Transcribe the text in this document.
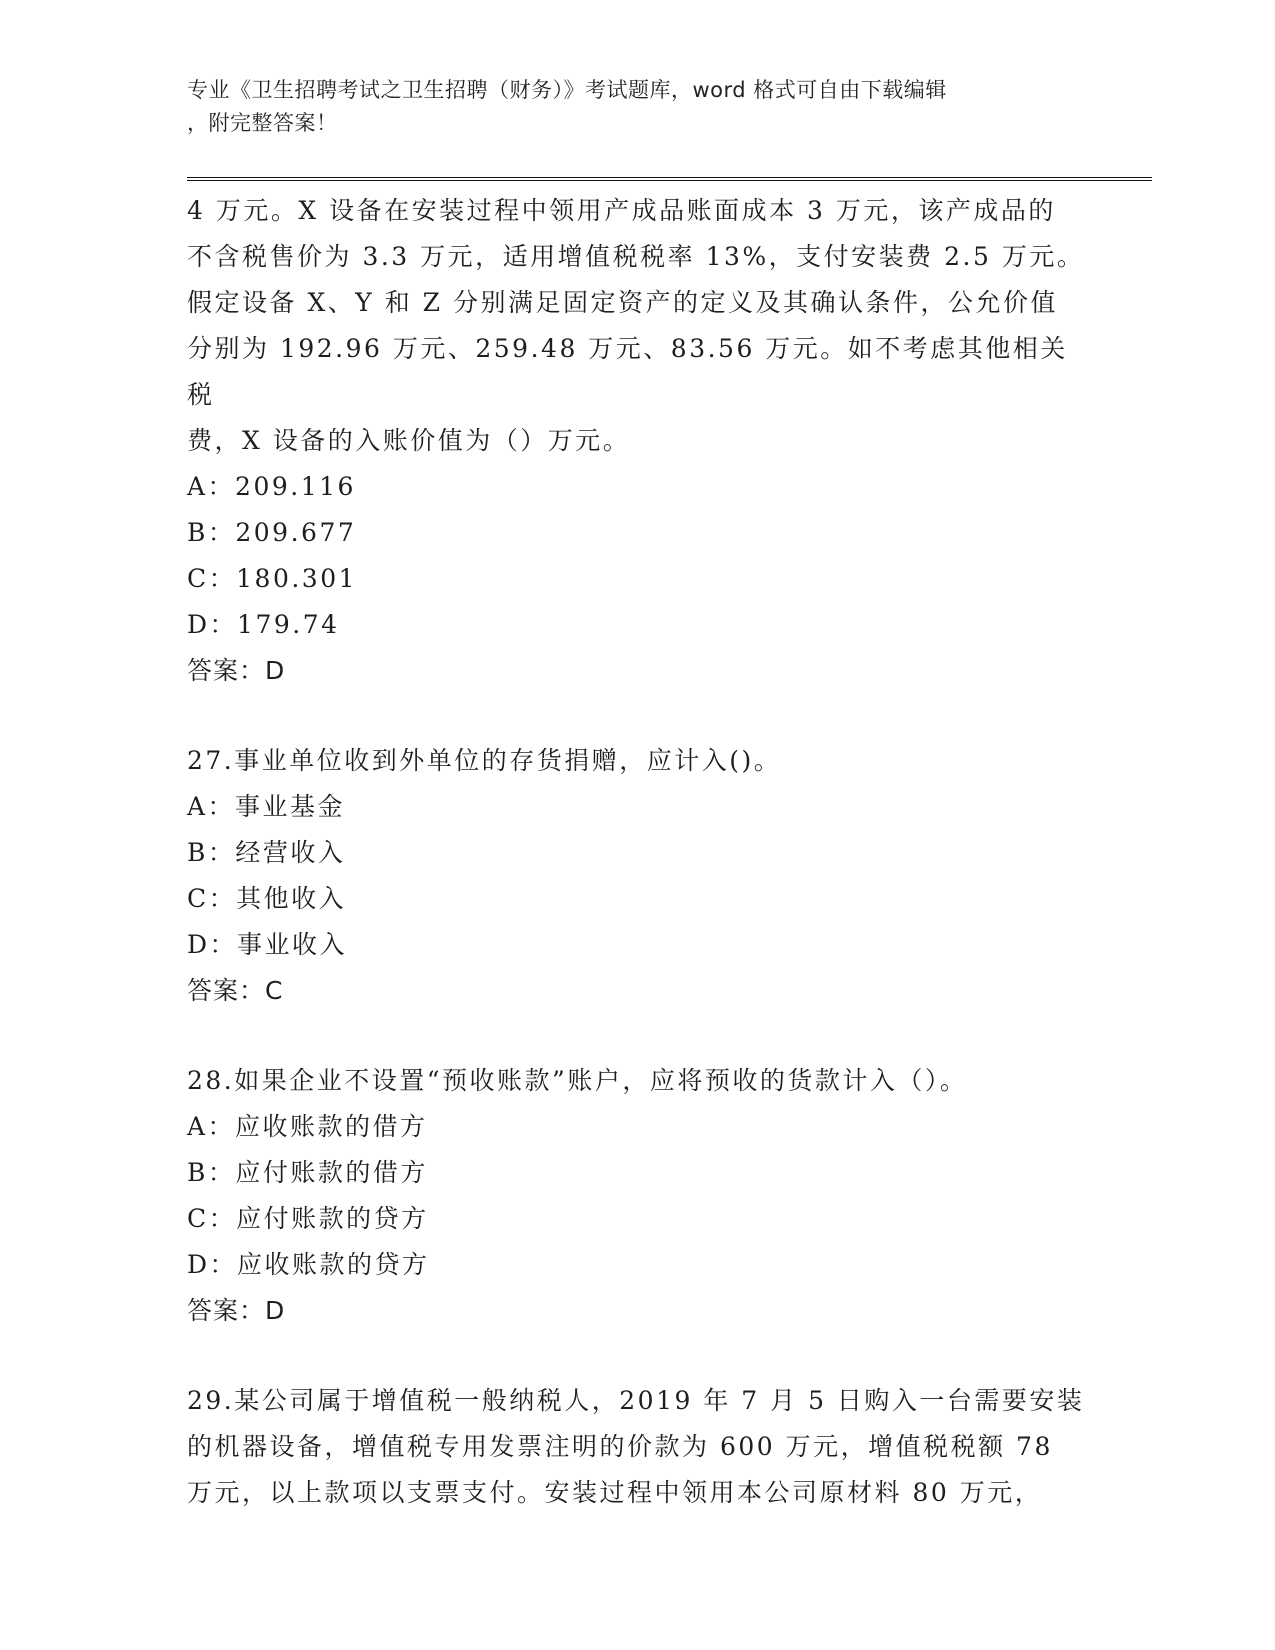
专业《卫生招聘考试之卫生招聘（财务）》考试题库，word 格式可自由下载编辑
，附完整答案！

4 万元。X 设备在安装过程中领用产成品账面成本 3 万元，该产成品的

不含税售价为 3.3 万元，适用增值税税率 13%，支付安装费 2.5 万元。

假定设备 X、Y 和 Z 分别满足固定资产的定义及其确认条件，公允价值

分别为 192.96 万元、259.48 万元、83.56 万元。如不考虑其他相关税

费，X 设备的入账价值为（）万元。

A：209.116

B：209.677

C：180.301

D：179.74

答案：D

27.事业单位收到外单位的存货捐赠，应计入()。

A：事业基金

B：经营收入

C：其他收入

D：事业收入

答案：C

28.如果企业不设置“预收账款”账户，应将预收的货款计入（）。

A：应收账款的借方

B：应付账款的借方

C：应付账款的贷方

D：应收账款的贷方

答案：D

29.某公司属于增值税一般纳税人，2019 年 7 月 5 日购入一台需要安装

的机器设备，增值税专用发票注明的价款为 600 万元，增值税税额 78

万元，以上款项以支票支付。安装过程中领用本公司原材料 80 万元，
